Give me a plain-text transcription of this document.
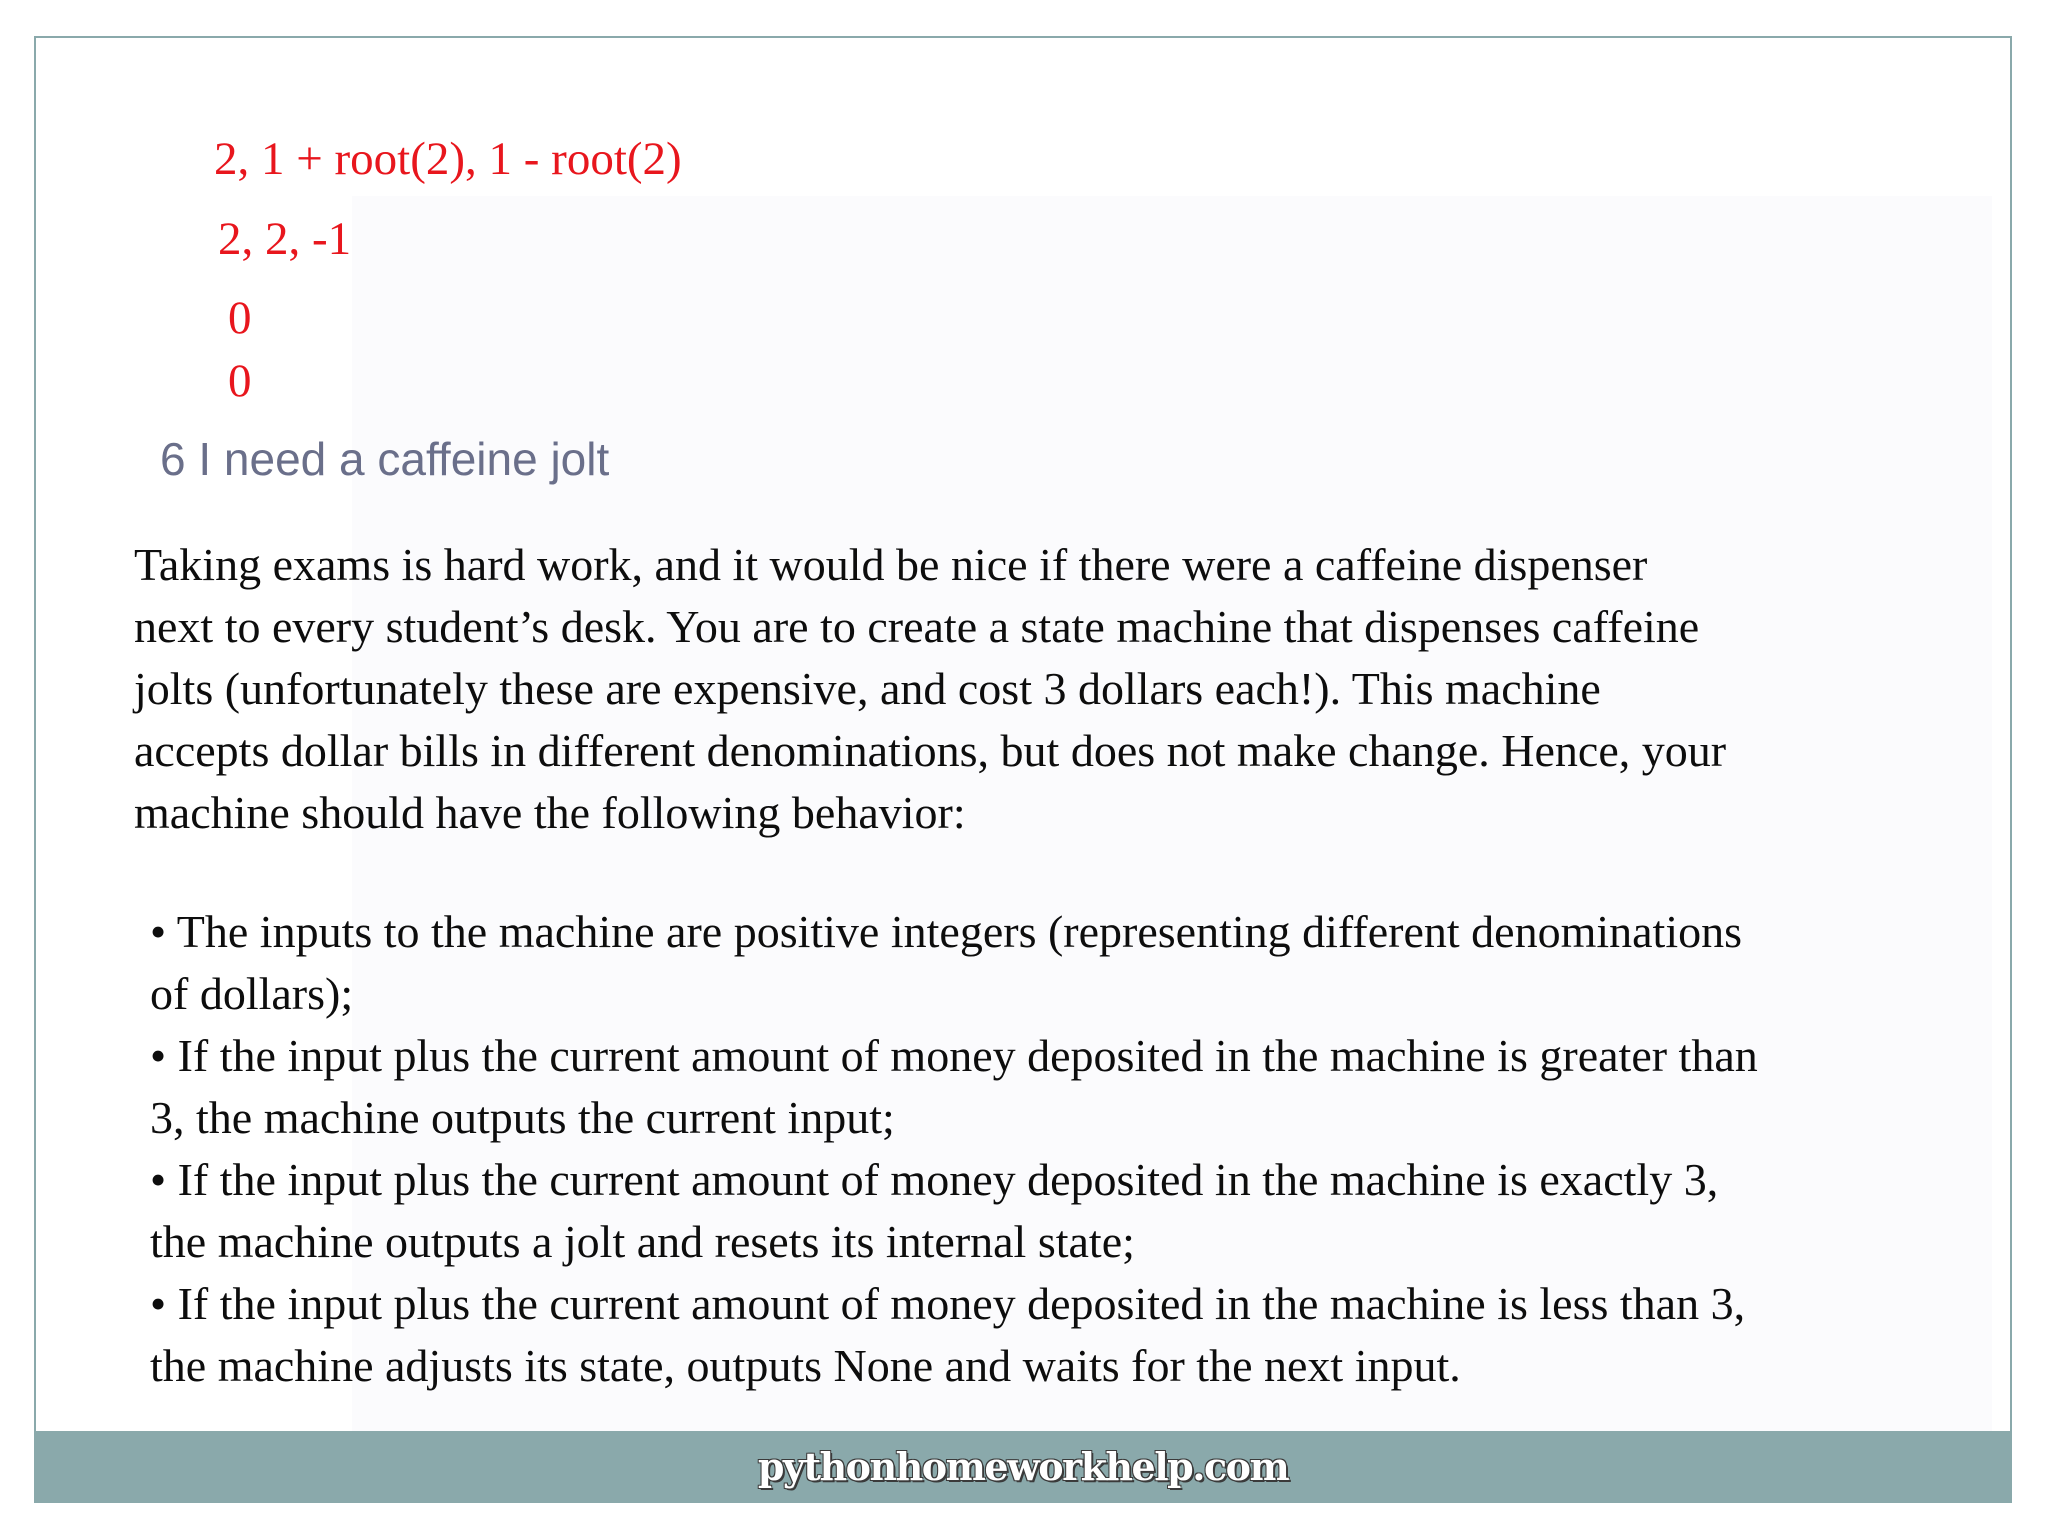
2, 1 + root(2), 1 - root(2)
2, 2, -1
0
0
6 I need a caffeine jolt
Taking exams is hard work, and it would be nice if there were a caffeine dispenser
next to every student’s desk. You are to create a state machine that dispenses caffeine
jolts (unfortunately these are expensive, and cost 3 dollars each!). This machine
accepts dollar bills in different denominations, but does not make change. Hence, your
machine should have the following behavior:
• The inputs to the machine are positive integers (representing different denominations
of dollars);
• If the input plus the current amount of money deposited in the machine is greater than
3, the machine outputs the current input;
• If the input plus the current amount of money deposited in the machine is exactly 3,
the machine outputs a jolt and resets its internal state;
• If the input plus the current amount of money deposited in the machine is less than 3,
the machine adjusts its state, outputs None and waits for the next input.
pythonhomeworkhelp.com
